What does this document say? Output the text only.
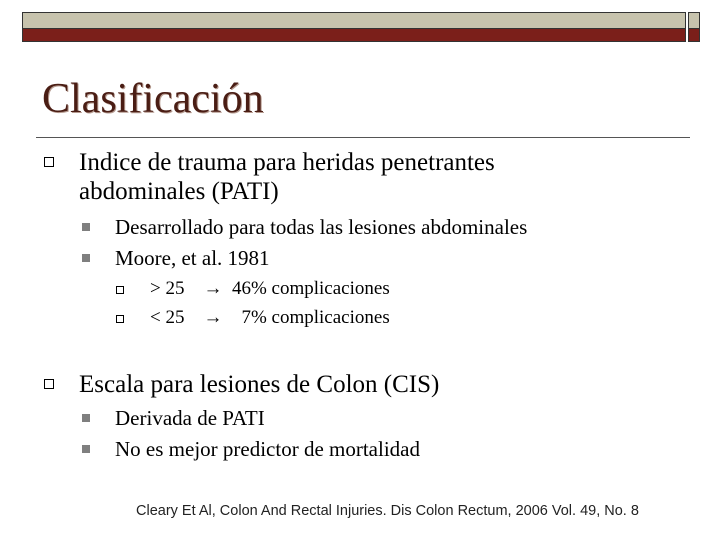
Clasificación
Indice de trauma para heridas penetrantes
abdominales (PATI)
Desarrollado para todas las lesiones abdominales
Moore, et al. 1981
> 25    →  46% complicaciones
< 25    →    7% complicaciones
Escala para lesiones de Colon (CIS)
Derivada de PATI
No es mejor predictor de mortalidad
Cleary Et Al, Colon And Rectal Injuries. Dis Colon Rectum, 2006 Vol. 49, No. 8
